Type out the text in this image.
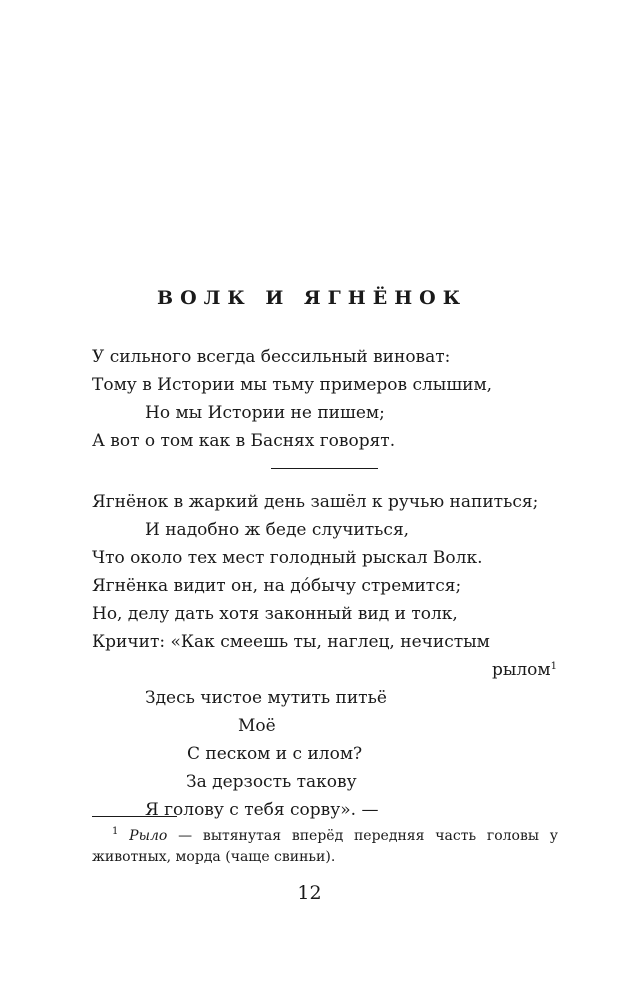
ВОЛК И ЯГНЁНОК
У сильного всегда бессильный виноват:
Тому в Истории мы тьму примеров слышим,
Но мы Истории не пишем;
А вот о том как в Баснях говорят.
Ягнёнок в жаркий день зашёл к ручью напиться;
И надобно ж беде случиться,
Что около тех мест голодный рыскал Волк.
Ягнёнка видит он, на дóбычу стремится;
Но, делу дать хотя законный вид и толк,
Кричит: «Как смеешь ты, наглец, нечистым
рылом$^1$
Здесь чистое мутить питьё
Моё
С песком и с илом?
За дерзость такову
Я голову с тебя сорву». —
$^1$ Рыло — вытянутая вперёд передняя часть головы у животных, морда (чаще свиньи).
12
